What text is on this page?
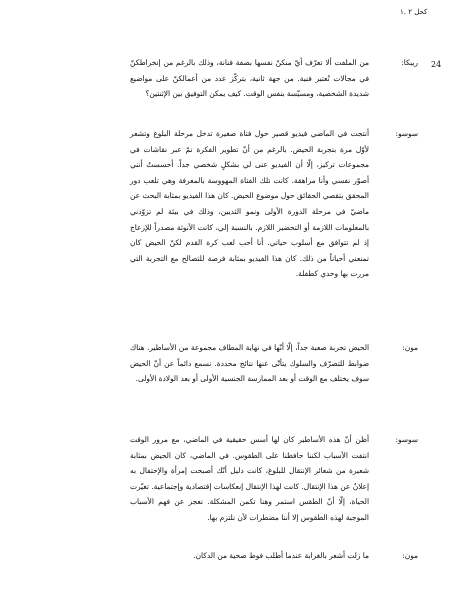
كحل ٢ .١
24
ريبكا:
من الملفت ألا تعرّف أيّ منكنّ نفسها بصفة فنانة، وذلك بالرغم من إنخراطكنّ في مجالات تُعتبر فنية. من جهة ثانية، بتركّز عدد من أعمالكنّ على مواضيع شديدة الشخصية، ومسيّسة بنفس الوقت. كيف يمكن التوفيق بين الإثنتين؟
سوسو:
أنتجت في الماضي فيديو قصير حول فتاة صغيرة تدخل مرحلة البلوغ وتشعر لأوّل مرة بتجربة الحيض. بالرغم من أنّ تطوير الفكرة تمّ عبر نقاشات في مجموعات تركيز، إلّا أن الفيديو عنى لي بشكلٍ شخصي جداً. أحسستُ أنني أصوّر نفسي وأنا مراهقة. كانت تلك الفتاة المهووسة بالمعرفة وهي تلعب دور المحقق بتقصي الحقائق حول موضوع الحيض. كان هذا الفيديو بمثابة البحث عن ماضيّ في مرحلة الدورة الأولى ونمو الثديين، وذلك في بيئة لم تزوّدني بالمعلومات اللازمة أو التحضير اللازم. بالنسبة إلي، كانت الأنوثة مصدراً للإزعاج إذ لم تتوافق مع أسلوب حياتي. أنا أحب لعب كرة القدم لكنّ الحيض كان تمنعني أحياناً من ذلك. كان هذا الفيديو بمثابة فرصة للتصالح مع التجربة التي مررت بها وحدي كطفلة.
مون:
الحيض تجربة صعبة جداً، إلّا أنّها في نهاية المطاف مجموعة من الأساطير. هناك ضوابط للتصرّف والسلوك يتأتّى عنها نتائج محددة. نسمع دائماً عن أنّ الحيض سوف يختلف مع الوقت أو بعد الممارسة الجنسية الأولى أو بعد الولادة الأولى.
سوسو:
أظن أنّ هذه الأساطير كان لها أسس حقيقية في الماضي، مع مرور الوقت انتفت الأسباب لكننا حافظنا على الطقوس. في الماضي، كان الحيض بمثابة شعيرة من شعائر الإنتقال للبلوغ، كانت دليل أنّك أصبحت إمرأة والإحتفال به إعلانٌ عن هذا الإنتقال. كانت لهذا الإنتقال إنعكاسات إقتصادية وإجتماعية. تغيّرت الحياة، إلّا أنّ الطقس استمر وهنا تكمن المشكلة. نعجز عن فهم الأسباب الموجبة لهذه الطقوس إلا أننا مضطرات لأن نلتزم بها.
مون:
ما زلت أشعر بالغرابة عندما أطلب فوط صحية من الدكان.
